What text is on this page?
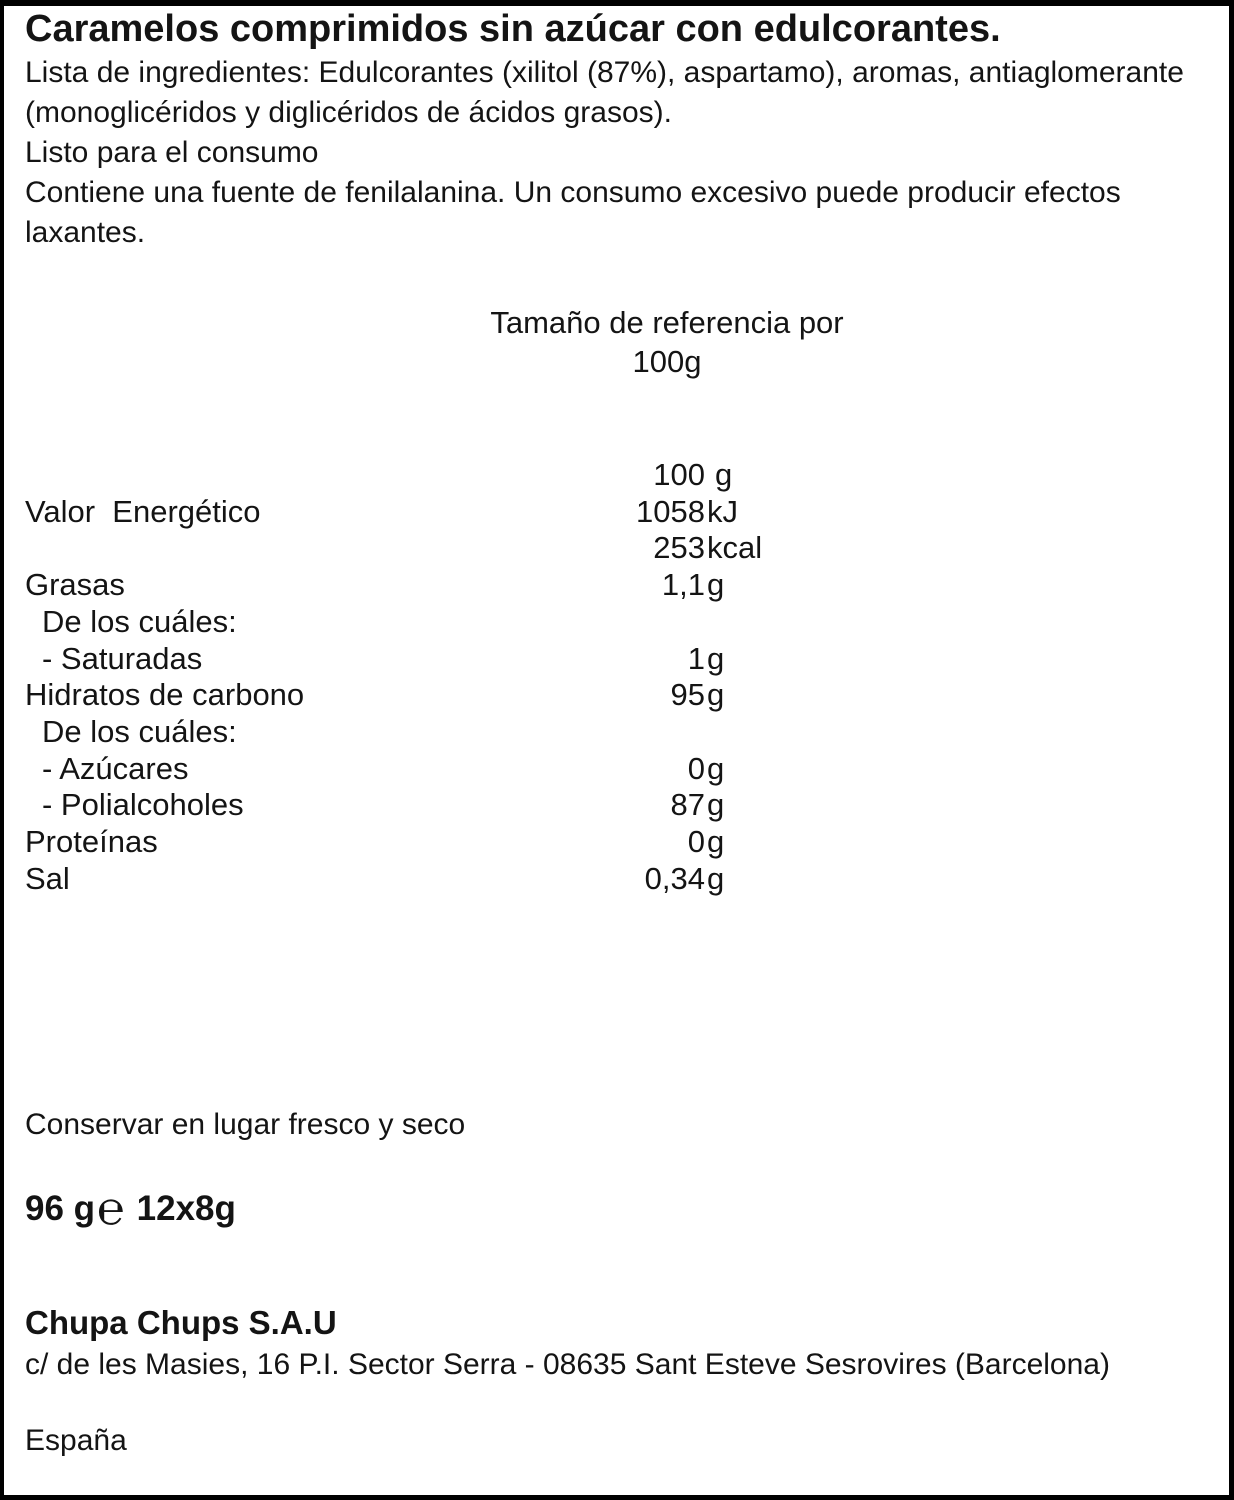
Caramelos comprimidos sin azúcar con edulcorantes.
Lista de ingredientes: Edulcorantes (xilitol (87%), aspartamo), aromas, antiaglomerante (monoglicéridos y diglicéridos de ácidos grasos).
Listo para el consumo
Contiene una fuente de fenilalanina. Un consumo excesivo puede producir efectos laxantes.
Tamaño de referencia por
100g
100 g
Valor  Energético	1058 kJ
253 kcal
Grasas	1,1 g
De los cuáles:
- Saturadas	1 g
Hidratos de carbono	95 g
De los cuáles:
- Azúcares	0 g
- Polialcoholes	87 g
Proteínas	0 g
Sal	0,34 g
Conservar en lugar fresco y seco
96 g℮ 12x8g
Chupa Chups S.A.U
c/ de les Masies, 16 P.I. Sector Serra - 08635 Sant Esteve Sesrovires (Barcelona)
España
